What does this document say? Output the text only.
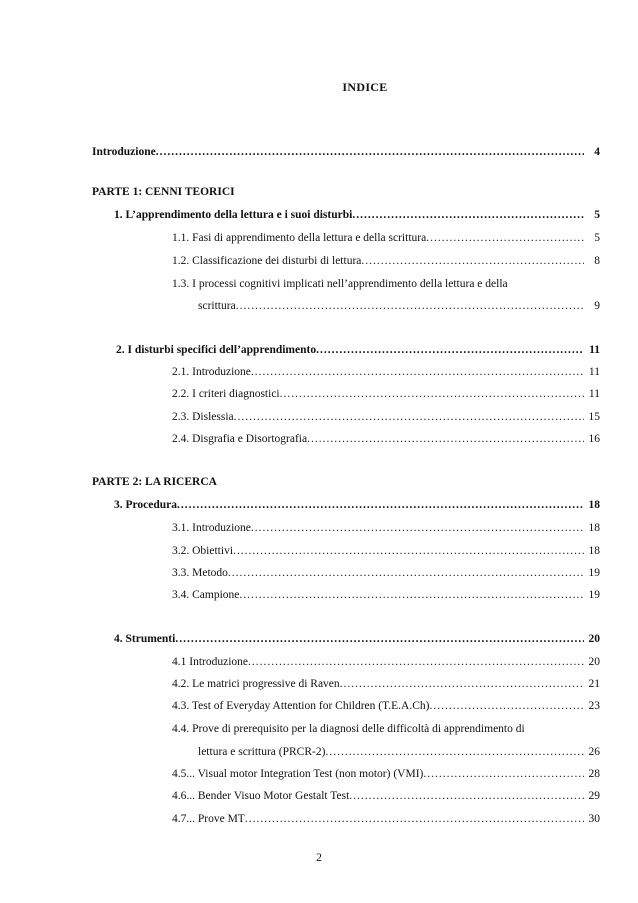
INDICE
Introduzione .....	4
PARTE 1: CENNI TEORICI
1. L’apprendimento della lettura e i suoi disturbi .....	5
1.1. Fasi di apprendimento della lettura e della scrittura .....	5
1.2. Classificazione dei disturbi di lettura .....	8
1.3. I processi cognitivi implicati nell’apprendimento della lettura e della
scrittura .....	9
2. I disturbi specifici dell’apprendimento .....	11
2.1. Introduzione .....	11
2.2. I criteri diagnostici .....	11
2.3. Dislessia .....	15
2.4. Disgrafia e Disortografia .....	16
PARTE 2: LA RICERCA
3. Procedura .....	18
3.1. Introduzione .....	18
3.2. Obiettivi .....	18
3.3. Metodo .....	19
3.4. Campione .....	19
4. Strumenti .....	20
4.1 Introduzione .....	20
4.2. Le matrici progressive di Raven .....	21
4.3. Test of Everyday Attention for Children (T.E.A.Ch) .....	23
4.4. Prove di prerequisito per la diagnosi delle difficoltà di apprendimento di
lettura e scrittura (PRCR-2) .....	26
4.5... Visual motor Integration Test (non motor) (VMI) .....	28
4.6... Bender Visuo Motor Gestalt Test .....	29
4.7... Prove MT .....	30
2
